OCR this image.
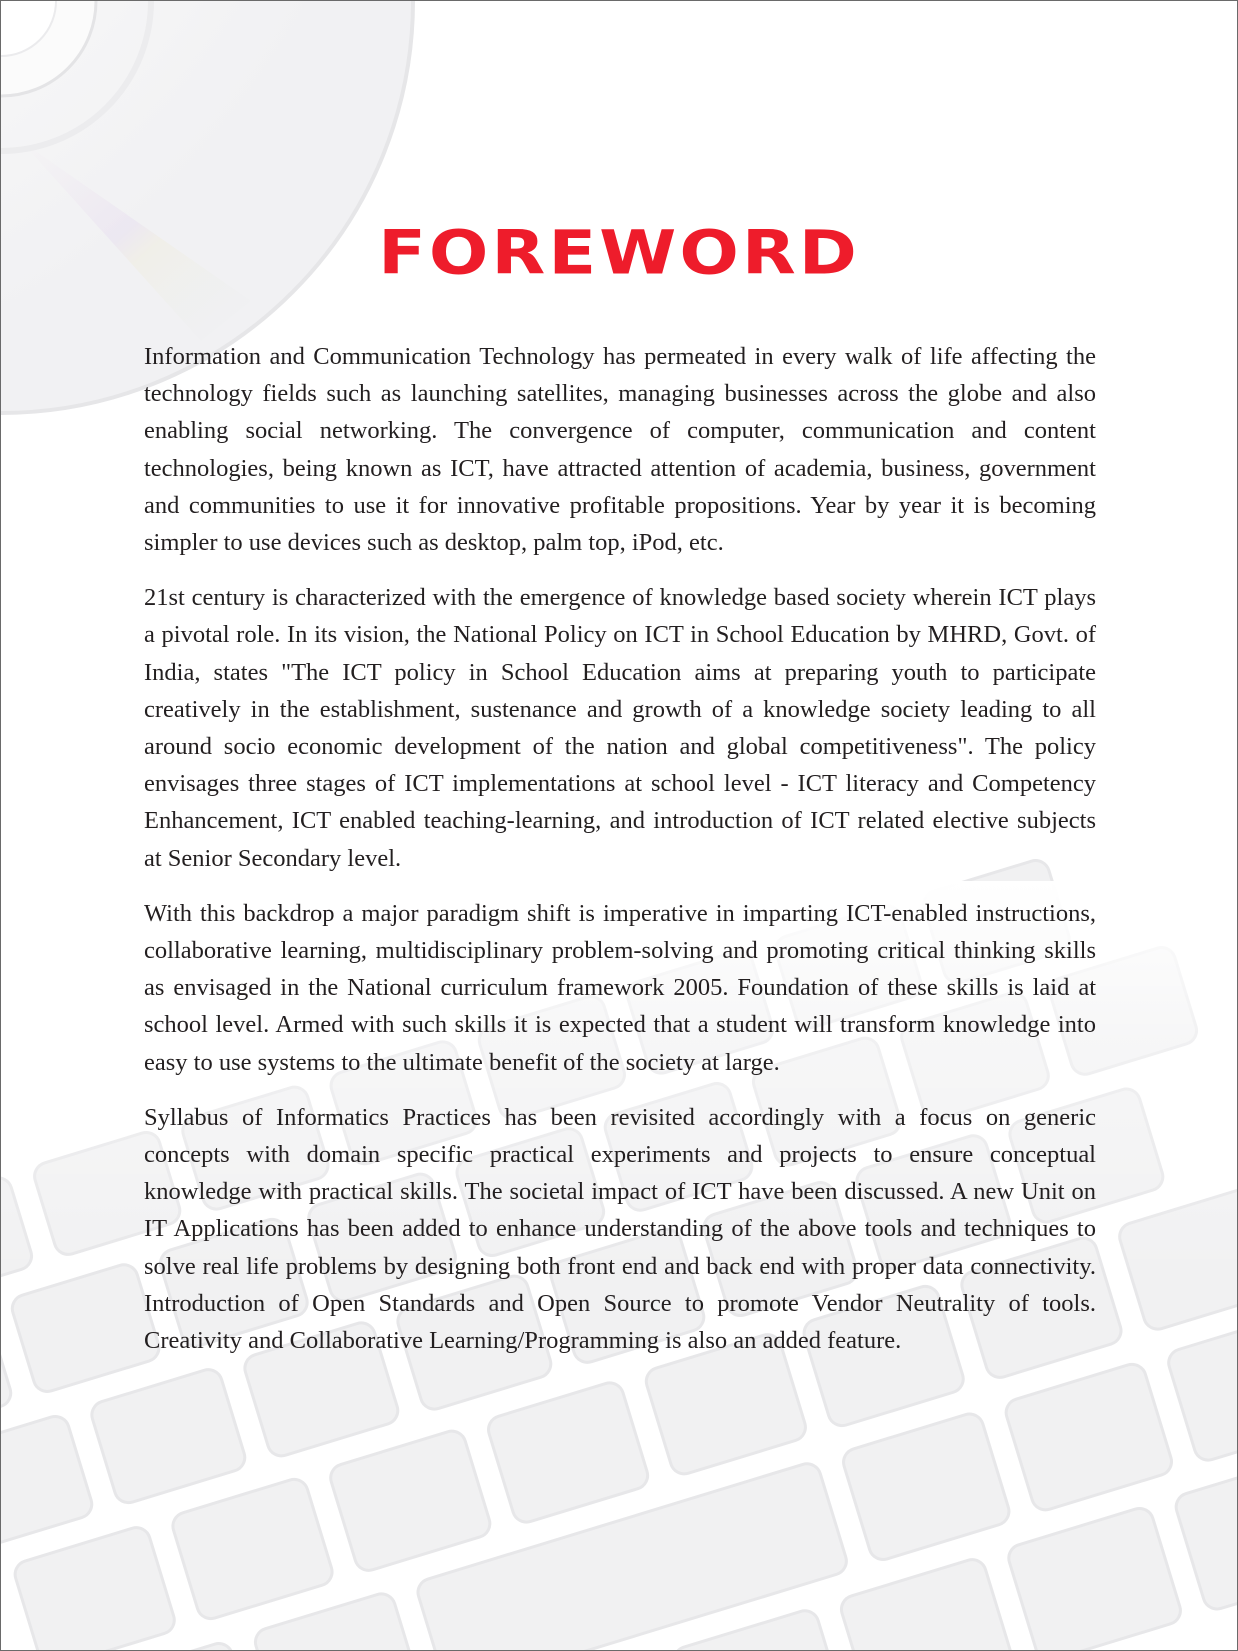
FOREWORD

Information and Communication Technology has permeated in every walk of life affecting the technology fields such as launching satellites, managing businesses across the globe and also enabling social networking. The convergence of computer, communication and content technologies, being known as ICT, have attracted attention of academia, business, government and communities to use it for innovative profitable propositions. Year by year it is becoming simpler to use devices such as desktop, palm top, iPod, etc.

21st century is characterized with the emergence of knowledge based society wherein ICT plays a pivotal role. In its vision, the National Policy on ICT in School Education by MHRD, Govt. of India, states "The ICT policy in School Education aims at preparing youth to participate creatively in the establishment, sustenance and growth of a knowledge society leading to all around socio economic development of the nation and global competitiveness". The policy envisages three stages of ICT implementations at school level - ICT literacy and Competency Enhancement, ICT enabled teaching-learning, and introduction of ICT related elective subjects at Senior Secondary level.

With this backdrop a major paradigm shift is imperative in imparting ICT-enabled instructions, collaborative learning, multidisciplinary problem-solving and promoting critical thinking skills as envisaged in the National curriculum framework 2005. Foundation of these skills is laid at school level. Armed with such skills it is expected that a student will transform knowledge into easy to use systems to the ultimate benefit of the society at large.

Syllabus of Informatics Practices has been revisited accordingly with a focus on generic concepts with domain specific practical experiments and projects to ensure conceptual knowledge with practical skills. The societal impact of ICT have been discussed. A new Unit on IT Applications has been added to enhance understanding of the above tools and techniques to solve real life problems by designing both front end and back end with proper data connectivity. Introduction of Open Standards and Open Source to promote Vendor Neutrality of tools. Creativity and Collaborative Learning/Programming is also an added feature.
